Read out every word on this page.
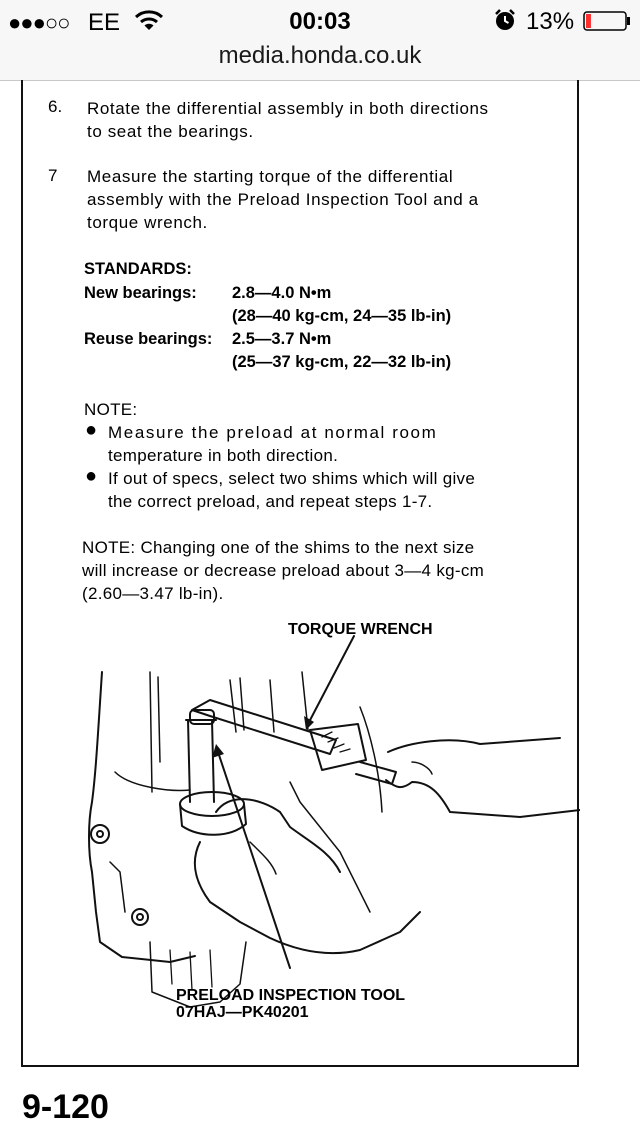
●●●○○ EE	00:03	13%
media.honda.co.uk
6. Rotate the differential assembly in both directions
to seat the bearings.
7 Measure the starting torque of the differential
assembly with the Preload Inspection Tool and a
torque wrench.
STANDARDS:
New bearings: 2.8—4.0 N•m
(28—40 kg-cm, 24—35 lb-in)
Reuse bearings: 2.5—3.7 N•m
(25—37 kg-cm, 22—32 lb-in)
NOTE:
● Measure the preload at normal room
temperature in both direction.
● If out of specs, select two shims which will give
the correct preload, and repeat steps 1-7.
NOTE: Changing one of the shims to the next size
will increase or decrease preload about 3—4 kg-cm
(2.60—3.47 lb-in).
TORQUE WRENCH
PRELOAD INSPECTION TOOL
07HAJ—PK40201
9-120
